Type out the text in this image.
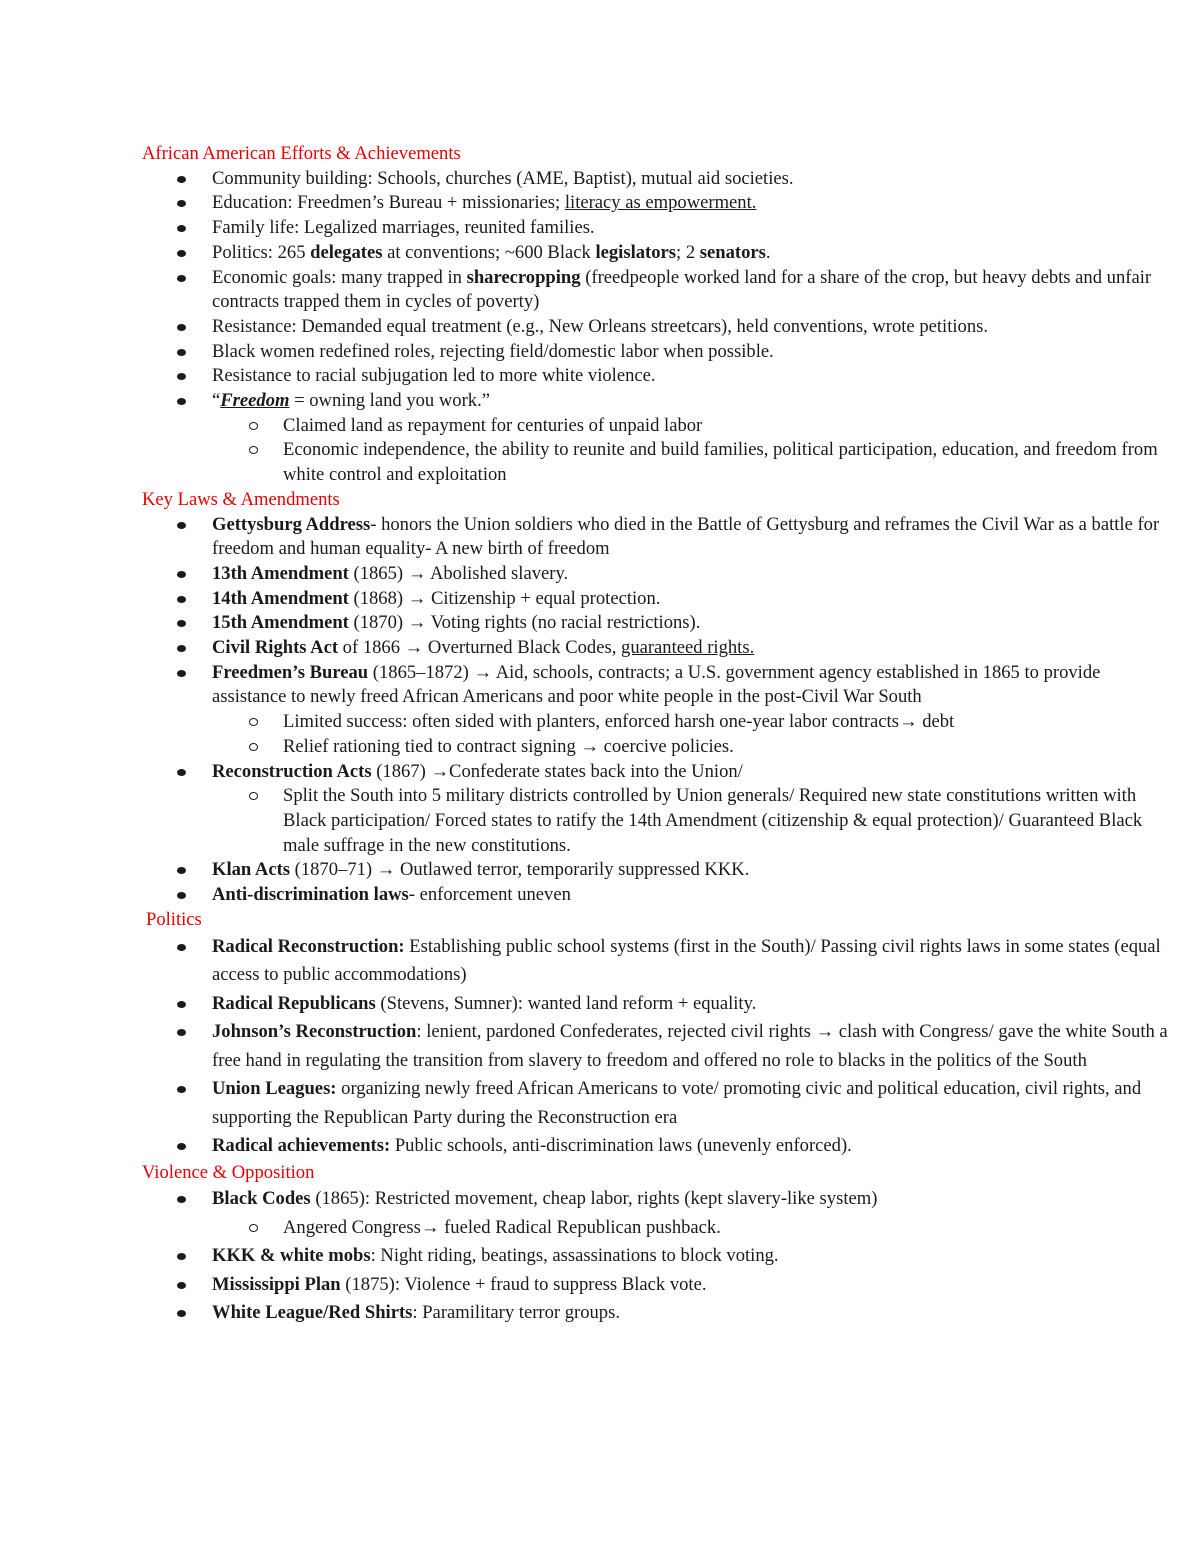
African American Efforts & Achievements

Community building: Schools, churches (AME, Baptist), mutual aid societies.
Education: Freedmen’s Bureau + missionaries; literacy as empowerment.
Family life: Legalized marriages, reunited families.
Politics: 265 delegates at conventions; ~600 Black legislators; 2 senators.
Economic goals: many trapped in sharecropping (freedpeople worked land for a share of the crop, but heavy debts and unfair contracts trapped them in cycles of poverty)
Resistance: Demanded equal treatment (e.g., New Orleans streetcars), held conventions, wrote petitions.
Black women redefined roles, rejecting field/domestic labor when possible.
Resistance to racial subjugation led to more white violence.
“Freedom = owning land you work.”
Claimed land as repayment for centuries of unpaid labor
Economic independence, the ability to reunite and build families, political participation, education, and freedom from white control and exploitation

Key Laws & Amendments

Gettysburg Address- honors the Union soldiers who died in the Battle of Gettysburg and reframes the Civil War as a battle for freedom and human equality- A new birth of freedom
13th Amendment (1865) → Abolished slavery.
14th Amendment (1868) → Citizenship + equal protection.
15th Amendment (1870) → Voting rights (no racial restrictions).
Civil Rights Act of 1866 → Overturned Black Codes, guaranteed rights.
Freedmen’s Bureau (1865–1872) → Aid, schools, contracts; a U.S. government agency established in 1865 to provide assistance to newly freed African Americans and poor white people in the post-Civil War South
Limited success: often sided with planters, enforced harsh one-year labor contracts→ debt
Relief rationing tied to contract signing → coercive policies.
Reconstruction Acts (1867) →Confederate states back into the Union/
Split the South into 5 military districts controlled by Union generals/ Required new state constitutions written with Black participation/ Forced states to ratify the 14th Amendment (citizenship & equal protection)/ Guaranteed Black male suffrage in the new constitutions.
Klan Acts (1870–71) → Outlawed terror, temporarily suppressed KKK.
Anti-discrimination laws- enforcement uneven

Politics

Radical Reconstruction: Establishing public school systems (first in the South)/ Passing civil rights laws in some states (equal access to public accommodations)
Radical Republicans (Stevens, Sumner): wanted land reform + equality.
Johnson’s Reconstruction: lenient, pardoned Confederates, rejected civil rights → clash with Congress/ gave the white South a free hand in regulating the transition from slavery to freedom and offered no role to blacks in the politics of the South
Union Leagues: organizing newly freed African Americans to vote/ promoting civic and political education, civil rights, and supporting the Republican Party during the Reconstruction era
Radical achievements: Public schools, anti-discrimination laws (unevenly enforced).

Violence & Opposition

Black Codes (1865): Restricted movement, cheap labor, rights (kept slavery-like system)
Angered Congress→ fueled Radical Republican pushback.
KKK & white mobs: Night riding, beatings, assassinations to block voting.
Mississippi Plan (1875): Violence + fraud to suppress Black vote.
White League/Red Shirts: Paramilitary terror groups.
